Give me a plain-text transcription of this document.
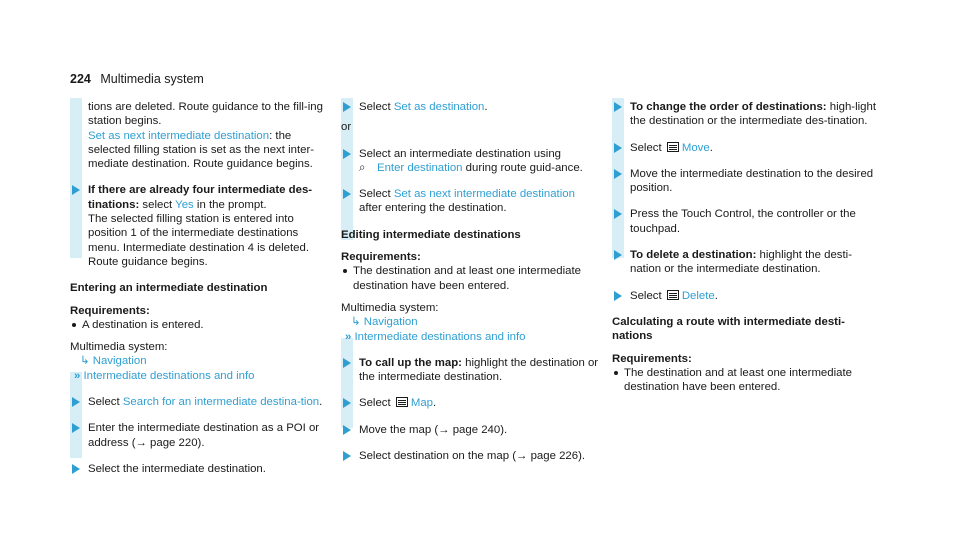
224 Multimedia system
tions are deleted. Route guidance to the fill-ing station begins.
Set as next intermediate destination: the selected filling station is set as the next inter-mediate destination. Route guidance begins.
If there are already four intermediate des-tinations: select Yes in the prompt.
The selected filling station is entered into position 1 of the intermediate destinations menu. Intermediate destination 4 is deleted. Route guidance begins.
Entering an intermediate destination
Requirements:
A destination is entered.
Multimedia system:
↳ Navigation
» Intermediate destinations and info
Select Search for an intermediate destina-tion.
Enter the intermediate destination as a POI or address (→ page 220).
Select the intermediate destination.
Select Set as destination.
or
Select an intermediate destination using
⌕ Enter destination during route guid-ance.
Select Set as next intermediate destination
after entering the destination.
Editing intermediate destinations
Requirements:
The destination and at least one intermediate destination have been entered.
Multimedia system:
↳ Navigation
» Intermediate destinations and info
To call up the map: highlight the destination or the intermediate destination.
Select Map.
Move the map (→ page 240).
Select destination on the map (→ page 226).
To change the order of destinations: high-light the destination or the intermediate des-tination.
Select Move.
Move the intermediate destination to the desired position.
Press the Touch Control, the controller or the touchpad.
To delete a destination: highlight the desti-nation or the intermediate destination.
Select Delete.
Calculating a route with intermediate desti-nations
Requirements:
The destination and at least one intermediate destination have been entered.
